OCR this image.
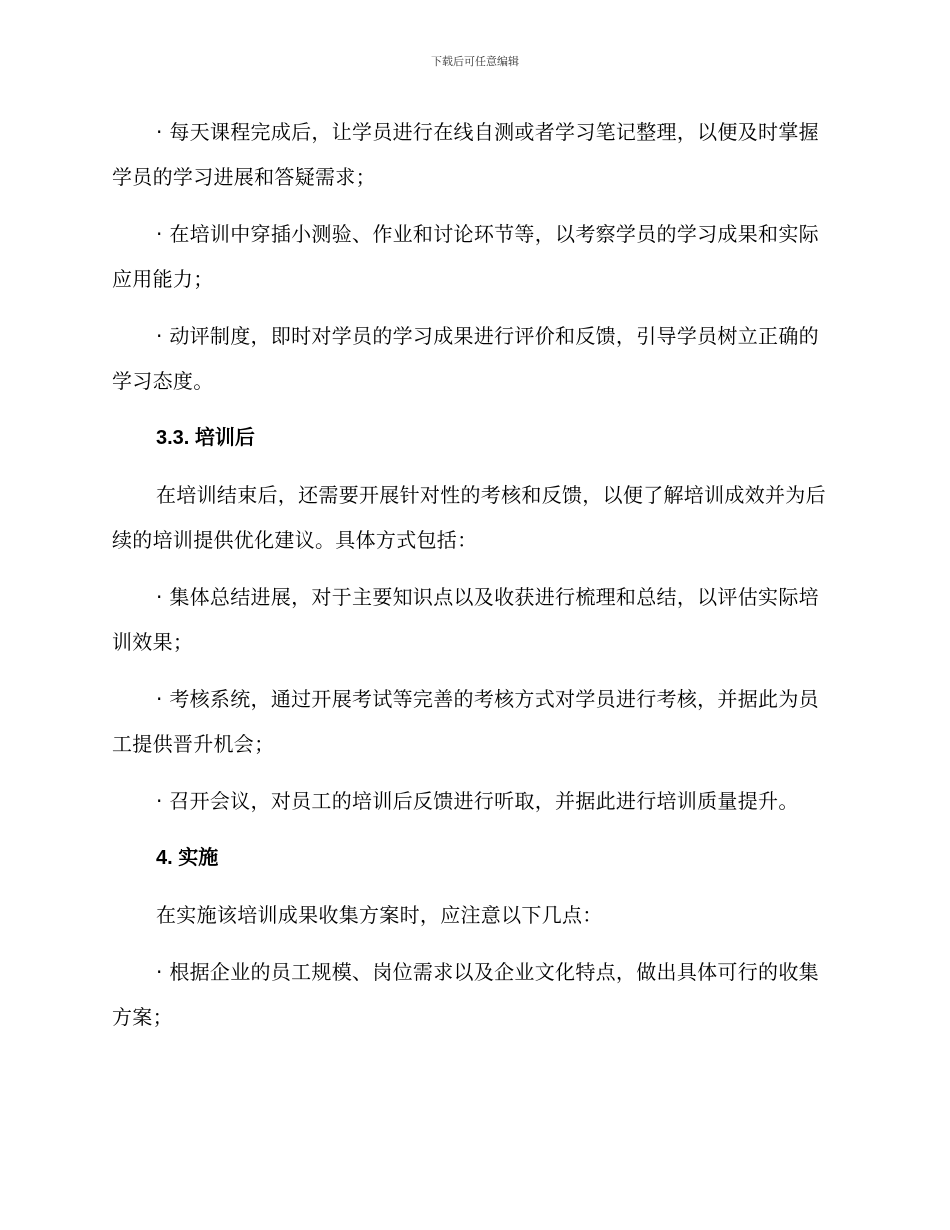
下载后可任意编辑

· 每天课程完成后，让学员进行在线自测或者学习笔记整理，以便及时掌握学员的学习进展和答疑需求；

· 在培训中穿插小测验、作业和讨论环节等，以考察学员的学习成果和实际应用能力；

· 动评制度，即时对学员的学习成果进行评价和反馈，引导学员树立正确的学习态度。

3.3. 培训后

在培训结束后，还需要开展针对性的考核和反馈，以便了解培训成效并为后续的培训提供优化建议。具体方式包括：

· 集体总结进展，对于主要知识点以及收获进行梳理和总结，以评估实际培训效果；

· 考核系统，通过开展考试等完善的考核方式对学员进行考核，并据此为员工提供晋升机会；

· 召开会议，对员工的培训后反馈进行听取，并据此进行培训质量提升。

4. 实施

在实施该培训成果收集方案时，应注意以下几点：

· 根据企业的员工规模、岗位需求以及企业文化特点，做出具体可行的收集方案；
